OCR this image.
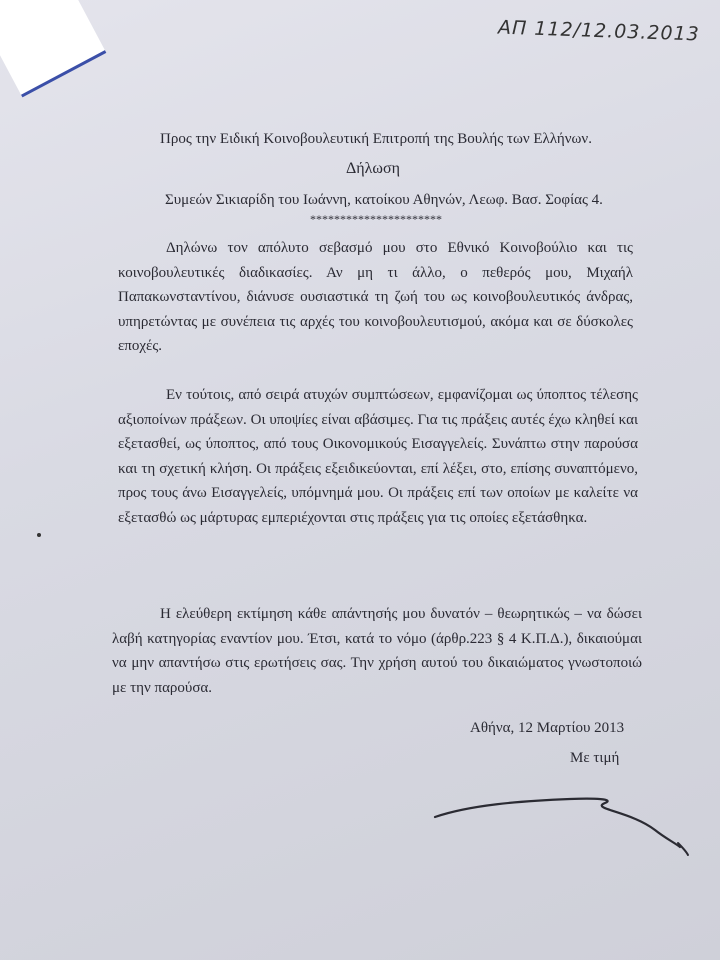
ΑΠ 112/12.03.2013
Προς την Ειδική Κοινοβουλευτική Επιτροπή της Βουλής των Ελλήνων.
Δήλωση
Συμεών Σικιαρίδη του Ιωάννη, κατοίκου Αθηνών, Λεωφ. Βασ. Σοφίας 4.
**********************
Δηλώνω τον απόλυτο σεβασμό μου στο Εθνικό Κοινοβούλιο και τις κοινοβουλευτικές διαδικασίες. Αν μη τι άλλο, ο πεθερός μου, Μιχαήλ Παπακωνσταντίνου, διάνυσε ουσιαστικά τη ζωή του ως κοινοβουλευτικός άνδρας, υπηρετώντας με συνέπεια τις αρχές του κοινοβουλευτισμού, ακόμα και σε δύσκολες εποχές.
Εν τούτοις, από σειρά ατυχών συμπτώσεων, εμφανίζομαι ως ύποπτος τέλεσης αξιοποίνων πράξεων. Οι υποψίες είναι αβάσιμες. Για τις πράξεις αυτές έχω κληθεί και εξετασθεί, ως ύποπτος, από τους Οικονομικούς Εισαγγελείς. Συνάπτω στην παρούσα και τη σχετική κλήση. Οι πράξεις εξειδικεύονται, επί λέξει, στο, επίσης συναπτόμενο, προς τους άνω Εισαγγελείς, υπόμνημά μου. Οι πράξεις επί των οποίων με καλείτε να εξετασθώ ως μάρτυρας εμπεριέχονται στις πράξεις για τις οποίες εξετάσθηκα.
Η ελεύθερη εκτίμηση κάθε απάντησής μου δυνατόν – θεωρητικώς – να δώσει λαβή κατηγορίας εναντίον μου. Έτσι, κατά το νόμο (άρθρ.223 § 4 Κ.Π.Δ.), δικαιούμαι να μην απαντήσω στις ερωτήσεις σας. Την χρήση αυτού του δικαιώματος γνωστοποιώ με την παρούσα.
Αθήνα, 12 Μαρτίου 2013
Με τιμή
